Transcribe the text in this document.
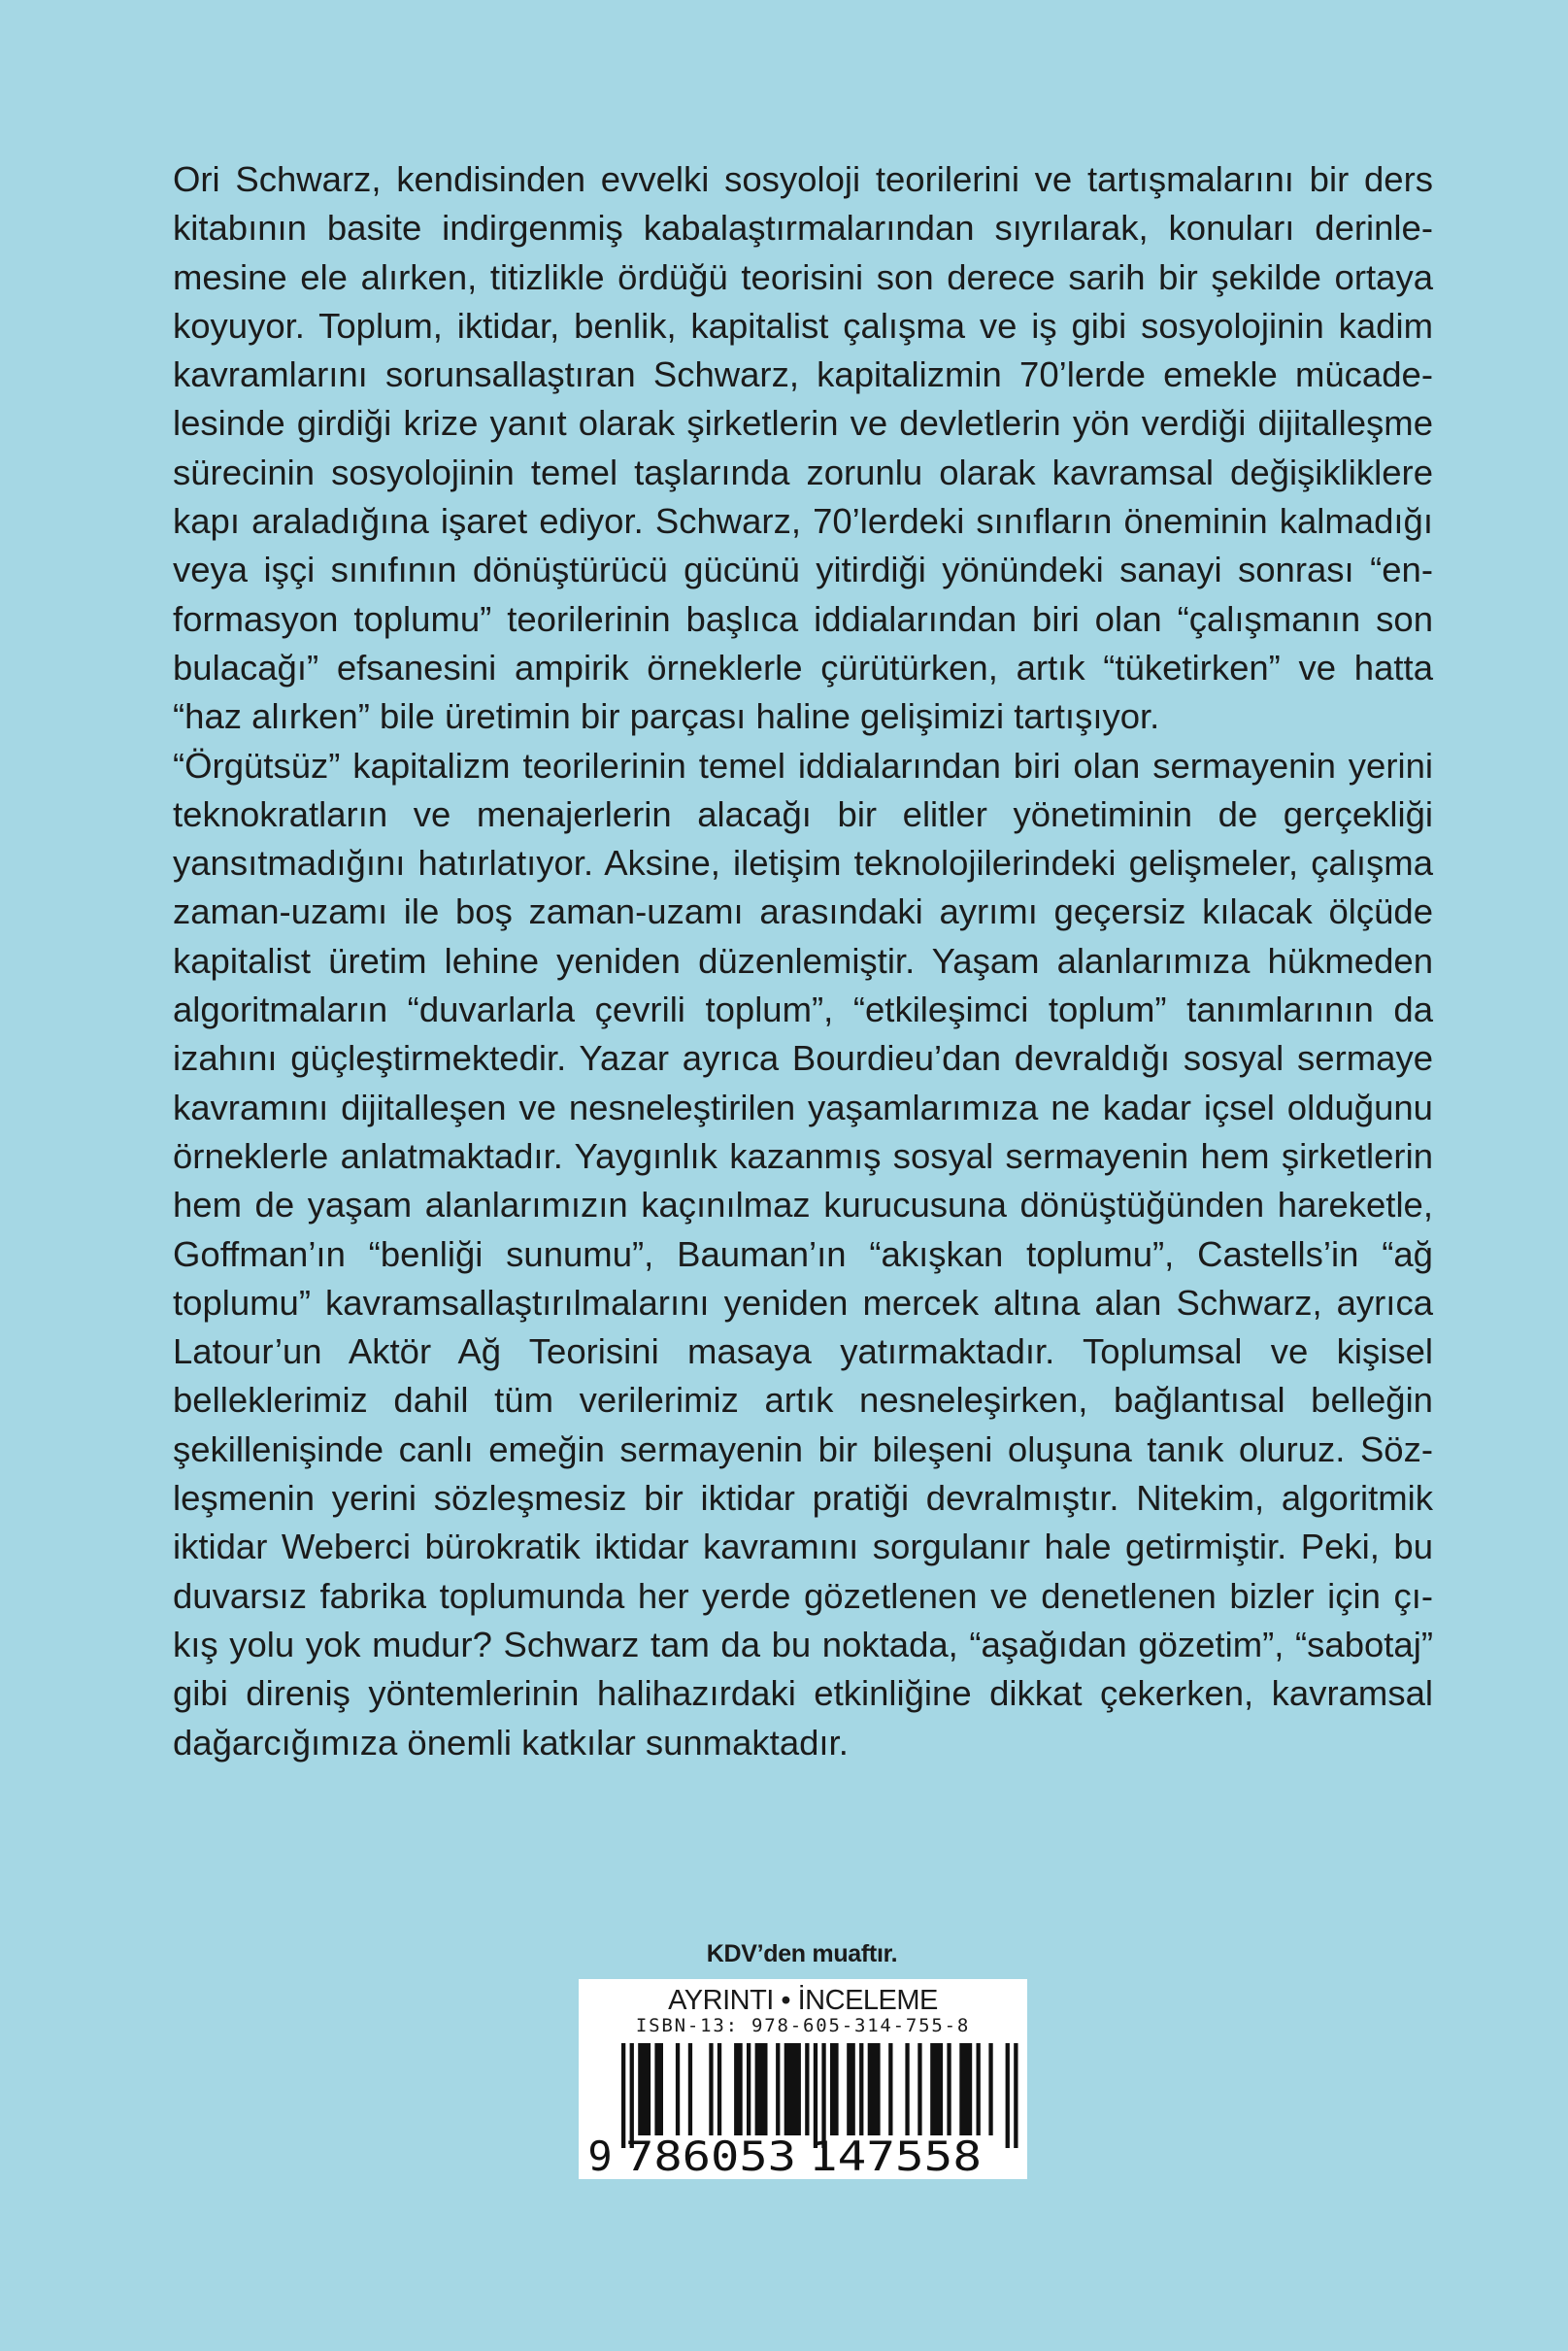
Ori Schwarz, kendisinden evvelki sosyoloji teorilerini ve tartışmalarını bir ders kitabının basite indirgenmiş kabalaştırmalarından sıyrılarak, konuları derinlemesine ele alırken, titizlikle ördüğü teorisini son derece sarih bir şekilde ortaya koyuyor. Toplum, iktidar, benlik, kapitalist çalışma ve iş gibi sosyolojinin kadim kavramlarını sorunsallaştıran Schwarz, kapitalizmin 70’lerde emekle mücadelesinde girdiği krize yanıt olarak şirketlerin ve devletlerin yön verdiği dijitalleşme sürecinin sosyolojinin temel taşlarında zorunlu olarak kavramsal değişikliklere kapı araladığına işaret ediyor. Schwarz, 70’lerdeki sınıfların öneminin kalmadığı veya işçi sınıfının dönüştürücü gücünü yitirdiği yönündeki sanayi sonrası “enformasyon toplumu” teorilerinin başlıca iddialarından biri olan “çalışmanın son bulacağı” efsanesini ampirik örneklerle çürütürken, artık “tüketirken” ve hatta “haz alırken” bile üretimin bir parçası haline gelişimizi tartışıyor.

“Örgütsüz” kapitalizm teorilerinin temel iddialarından biri olan sermayenin yerini teknokratların ve menajerlerin alacağı bir elitler yönetiminin de gerçekliği yansıtmadığını hatırlatıyor. Aksine, iletişim teknolojilerindeki gelişmeler, çalışma zaman-uzamı ile boş zaman-uzamı arasındaki ayrımı geçersiz kılacak ölçüde kapitalist üretim lehine yeniden düzenlemiştir. Yaşam alanlarımıza hükmeden algoritmaların “duvarlarla çevrili toplum”, “etkileşimci toplum” tanımlarının da izahını güçleştirmektedir. Yazar ayrıca Bourdieu’dan devraldığı sosyal sermaye kavramını dijitalleşen ve nesneleştirilen yaşamlarımıza ne kadar içsel olduğunu örneklerle anlatmaktadır. Yaygınlık kazanmış sosyal sermayenin hem şirketlerin hem de yaşam alanlarımızın kaçınılmaz kurucusuna dönüştüğünden hareketle, Goffman’ın “benliği sunumu”, Bauman’ın “akışkan toplumu”, Castells’in “ağ toplumu” kavramsallaştırılmalarını yeniden mercek altına alan Schwarz, ayrıca Latour’un Aktör Ağ Teorisini masaya yatırmaktadır. Toplumsal ve kişisel belleklerimiz dahil tüm verilerimiz artık nesneleşirken, bağlantısal belleğin şekillenişinde canlı emeğin sermayenin bir bileşeni oluşuna tanık oluruz. Sözleşmenin yerini sözleşmesiz bir iktidar pratiği devralmıştır. Nitekim, algoritmik iktidar Weberci bürokratik iktidar kavramını sorgulanır hale getirmiştir. Peki, bu duvarsız fabrika toplumunda her yerde gözetlenen ve denetlenen bizler için çıkış yolu yok mudur? Schwarz tam da bu noktada, “aşağıdan gözetim”, “sabotaj” gibi direniş yöntemlerinin halihazırdaki etkinliğine dikkat çekerken, kavramsal dağarcığımıza önemli katkılar sunmaktadır.

KDV’den muaftır.
AYRINTI • İNCELEME
ISBN-13: 978-605-314-755-8
9 786053 147558
